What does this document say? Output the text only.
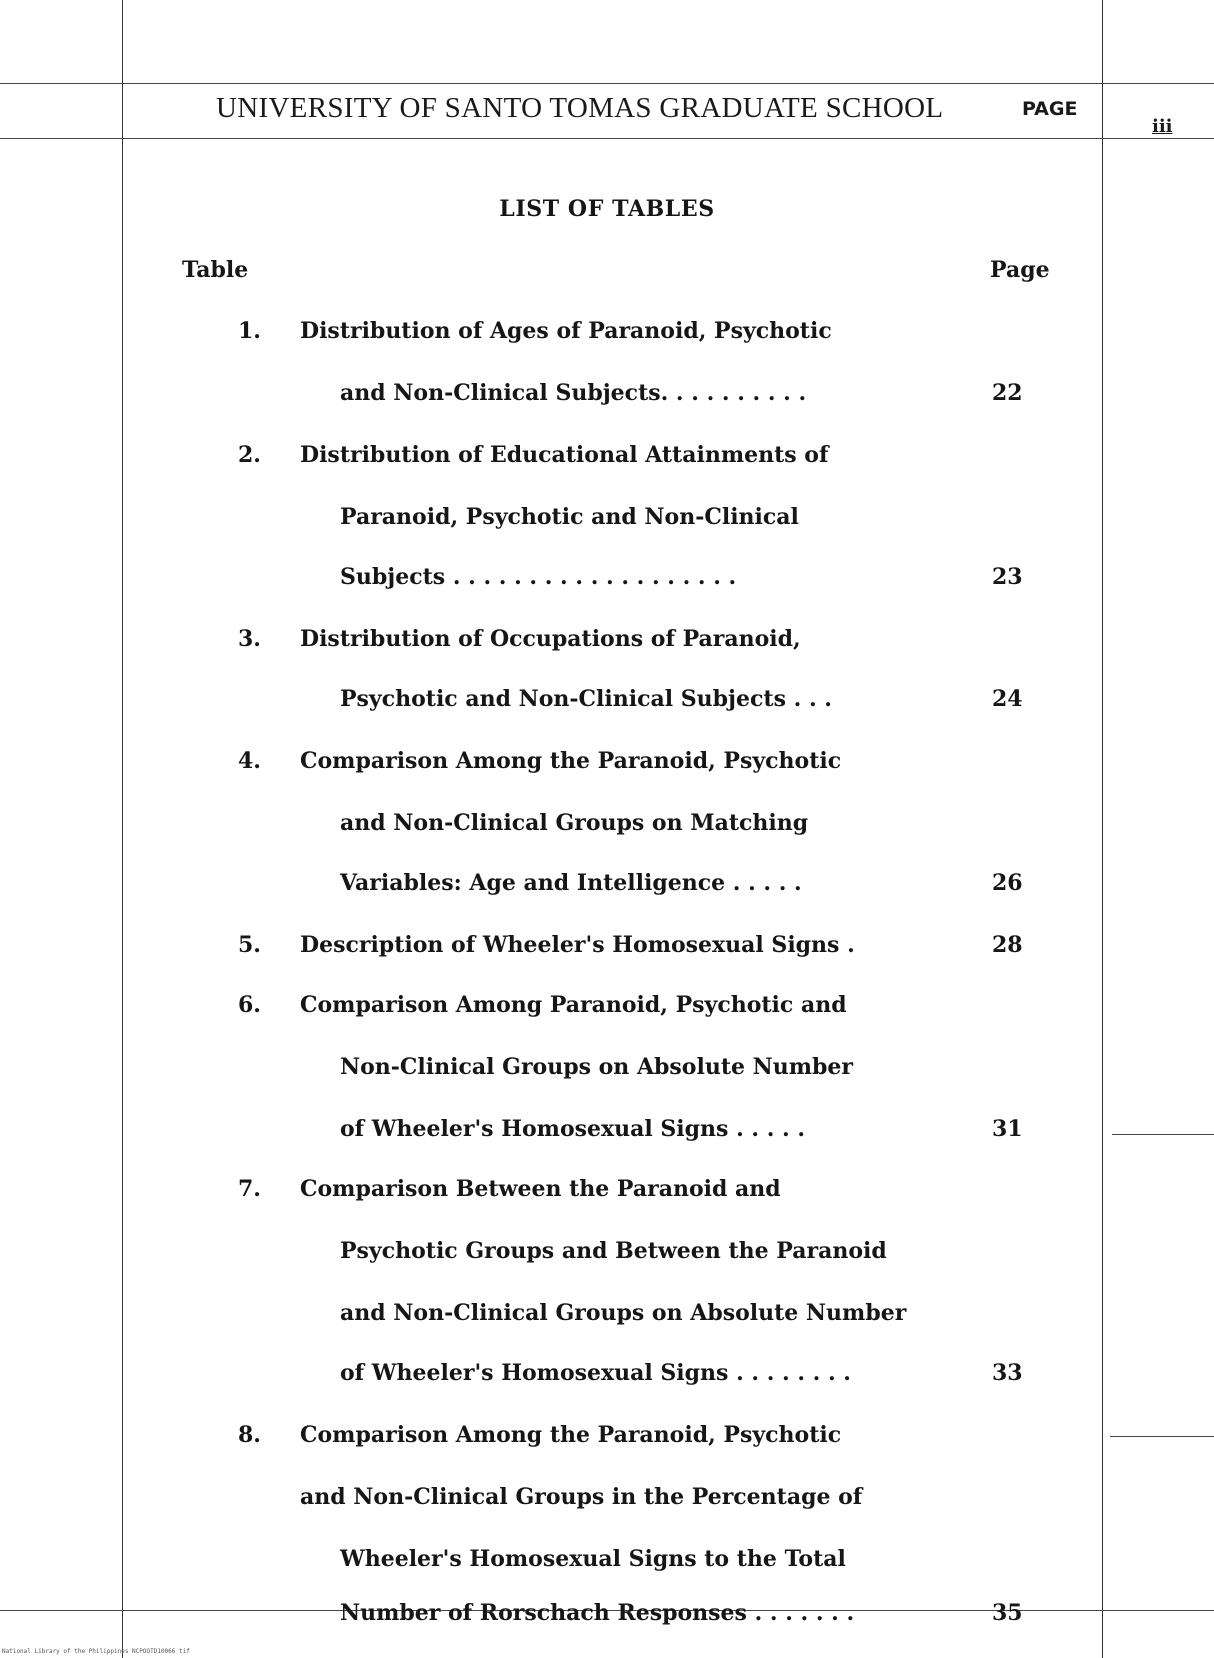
UNIVERSITY OF SANTO TOMAS GRADUATE SCHOOL	PAGE
iii
LIST OF TABLES
Table	Page
1. Distribution of Ages of Paranoid, Psychotic
and Non-Clinical Subjects. . . . . . . . . .	22
2. Distribution of Educational Attainments of
Paranoid, Psychotic and Non-Clinical
Subjects . . . . . . . . . . . . . . . . . . .	23
3. Distribution of Occupations of Paranoid,
Psychotic and Non-Clinical Subjects . . .	24
4. Comparison Among the Paranoid, Psychotic
and Non-Clinical Groups on Matching
Variables: Age and Intelligence . . . . .	26
5. Description of Wheeler's Homosexual Signs .	28
6. Comparison Among Paranoid, Psychotic and
Non-Clinical Groups on Absolute Number
of Wheeler's Homosexual Signs . . . . .	31
7. Comparison Between the Paranoid and
Psychotic Groups and Between the Paranoid
and Non-Clinical Groups on Absolute Number
of Wheeler's Homosexual Signs . . . . . . . .	33
8. Comparison Among the Paranoid, Psychotic
and Non-Clinical Groups in the Percentage of
Wheeler's Homosexual Signs to the Total
Number of Rorschach Responses . . . . . . .	35
National Library of the Philippines NCPOOTD10066 tif
